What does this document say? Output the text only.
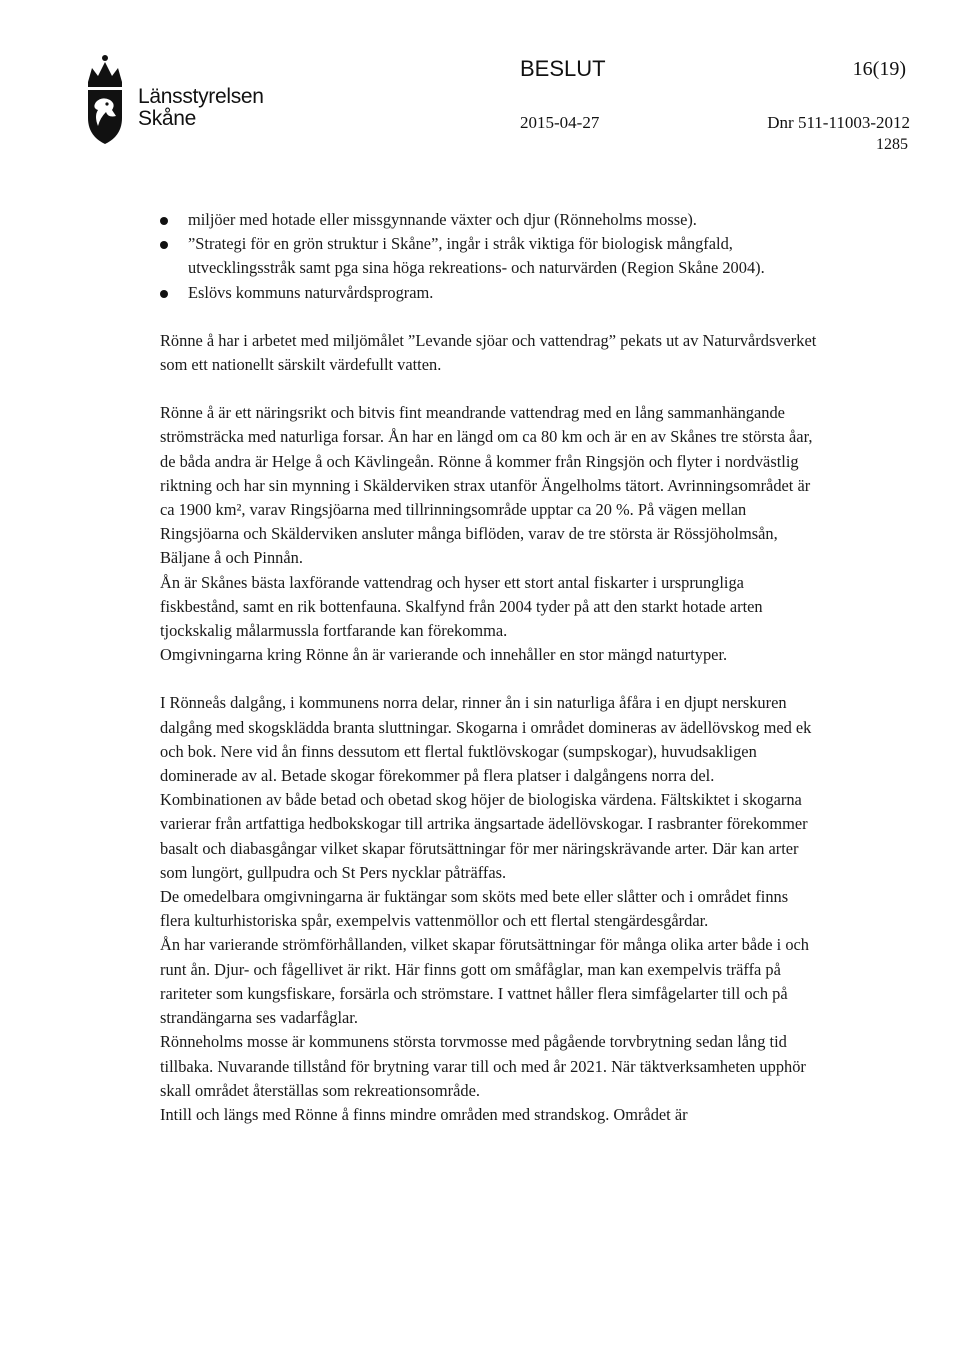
Länsstyrelsen
Skåne
BESLUT	16(19)
2015-04-27	Dnr 511-11003-2012
1285
miljöer med hotade eller missgynnande växter och djur (Rönneholms mosse).
”Strategi för en grön struktur i Skåne”, ingår i stråk viktiga för biologisk mångfald, utvecklingsstråk samt pga sina höga rekreations- och naturvärden (Region Skåne 2004).
Eslövs kommuns naturvårdsprogram.

Rönne å har i arbetet med miljömålet ”Levande sjöar och vattendrag” pekats ut av Naturvårdsverket som ett nationellt särskilt värdefullt vatten.

Rönne å är ett näringsrikt och bitvis fint meandrande vattendrag med en lång sammanhängande strömsträcka med naturliga forsar. Ån har en längd om ca 80 km och är en av Skånes tre största åar, de båda andra är Helge å och Kävlingeån. Rönne å kommer från Ringsjön och flyter i nordvästlig riktning och har sin mynning i Skälderviken strax utanför Ängelholms tätort. Avrinningsområdet är ca 1900 km², varav Ringsjöarna med tillrinningsområde upptar ca 20 %. På vägen mellan Ringsjöarna och Skälderviken ansluter många biflöden, varav de tre största är Rössjöholmsån, Bäljane å och Pinnån.

Ån är Skånes bästa laxförande vattendrag och hyser ett stort antal fiskarter i ursprungliga fiskbestånd, samt en rik bottenfauna. Skalfynd från 2004 tyder på att den starkt hotade arten tjockskalig målarmussla fortfarande kan förekomma.

Omgivningarna kring Rönne ån är varierande och innehåller en stor mängd naturtyper.

I Rönneås dalgång, i kommunens norra delar, rinner ån i sin naturliga åfåra i en djupt nerskuren dalgång med skogsklädda branta sluttningar. Skogarna i området domineras av ädellövskog med ek och bok. Nere vid ån finns dessutom ett flertal fuktlövskogar (sumpskogar), huvudsakligen dominerade av al. Betade skogar förekommer på flera platser i dalgångens norra del. Kombinationen av både betad och obetad skog höjer de biologiska värdena. Fältskiktet i skogarna varierar från artfattiga hedbokskogar till artrika ängsartade ädellövskogar. I rasbranter förekommer basalt och diabasgångar vilket skapar förutsättningar för mer näringskrävande arter. Där kan arter som lungört, gullpudra och St Pers nycklar påträffas.

De omedelbara omgivningarna är fuktängar som sköts med bete eller slåtter och i området finns flera kulturhistoriska spår, exempelvis vattenmöllor och ett flertal stengärdesgårdar.

Ån har varierande strömförhållanden, vilket skapar förutsättningar för många olika arter både i och runt ån. Djur- och fågellivet är rikt. Här finns gott om småfåglar, man kan exempelvis träffa på rariteter som kungsfiskare, forsärla och strömstare. I vattnet håller flera simfågelarter till och på strandängarna ses vadarfåglar.

Rönneholms mosse är kommunens största torvmosse med pågående torvbrytning sedan lång tid tillbaka. Nuvarande tillstånd för brytning varar till och med år 2021. När täktverksamheten upphör skall området återställas som rekreationsområde.

Intill och längs med Rönne å finns mindre områden med strandskog. Området är
